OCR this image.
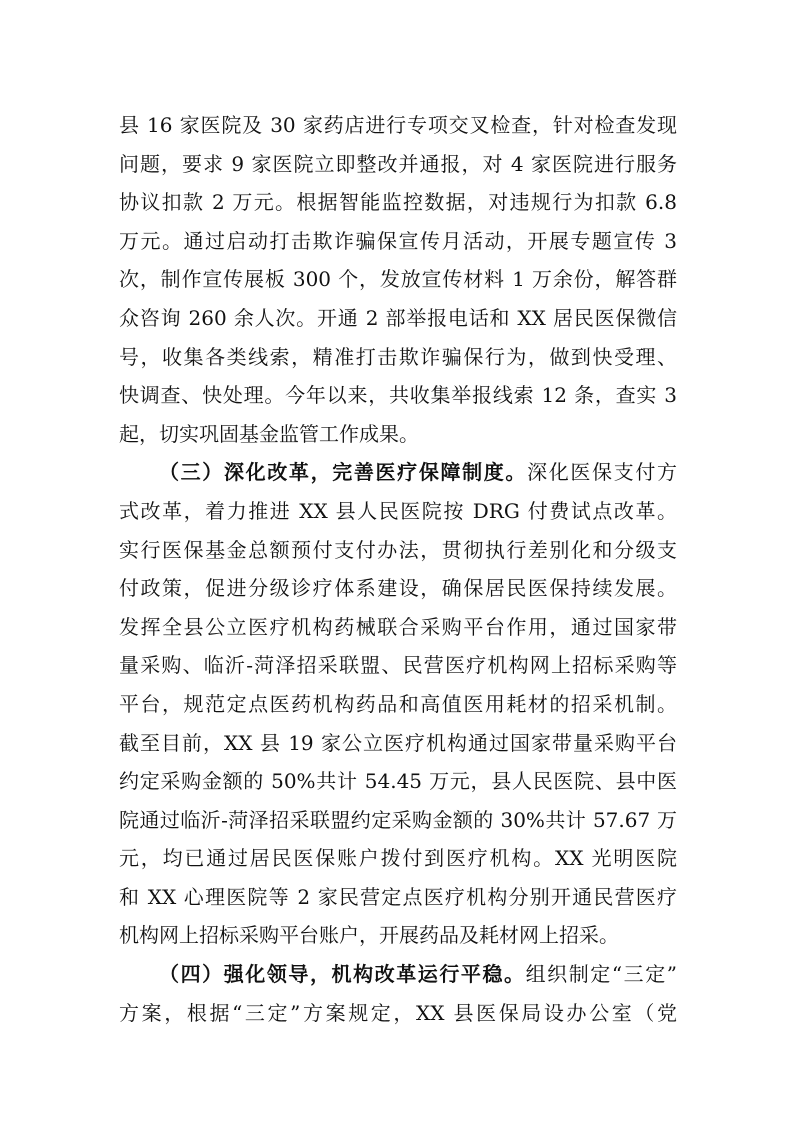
县 16 家医院及 30 家药店进行专项交叉检查，针对检查发现
问题，要求 9 家医院立即整改并通报，对 4 家医院进行服务
协议扣款 2 万元。根据智能监控数据，对违规行为扣款 6.8
万元。通过启动打击欺诈骗保宣传月活动，开展专题宣传 3
次，制作宣传展板 300 个，发放宣传材料 1 万余份，解答群
众咨询 260 余人次。开通 2 部举报电话和 XX 居民医保微信
号，收集各类线索，精准打击欺诈骗保行为，做到快受理、
快调查、快处理。今年以来，共收集举报线索 12 条，查实 3
起，切实巩固基金监管工作成果。
（三）深化改革，完善医疗保障制度。深化医保支付方
式改革，着力推进 XX 县人民医院按 DRG 付费试点改革。
实行医保基金总额预付支付办法，贯彻执行差别化和分级支
付政策，促进分级诊疗体系建设，确保居民医保持续发展。
发挥全县公立医疗机构药械联合采购平台作用，通过国家带
量采购、临沂-菏泽招采联盟、民营医疗机构网上招标采购等
平台，规范定点医药机构药品和高值医用耗材的招采机制。
截至目前，XX 县 19 家公立医疗机构通过国家带量采购平台
约定采购金额的 50%共计 54.45 万元，县人民医院、县中医
院通过临沂-菏泽招采联盟约定采购金额的 30%共计 57.67 万
元，均已通过居民医保账户拨付到医疗机构。XX 光明医院
和 XX 心理医院等 2 家民营定点医疗机构分别开通民营医疗
机构网上招标采购平台账户，开展药品及耗材网上招采。
（四）强化领导，机构改革运行平稳。组织制定“三定”
方案，根据“三定”方案规定，XX 县医保局设办公室（党
